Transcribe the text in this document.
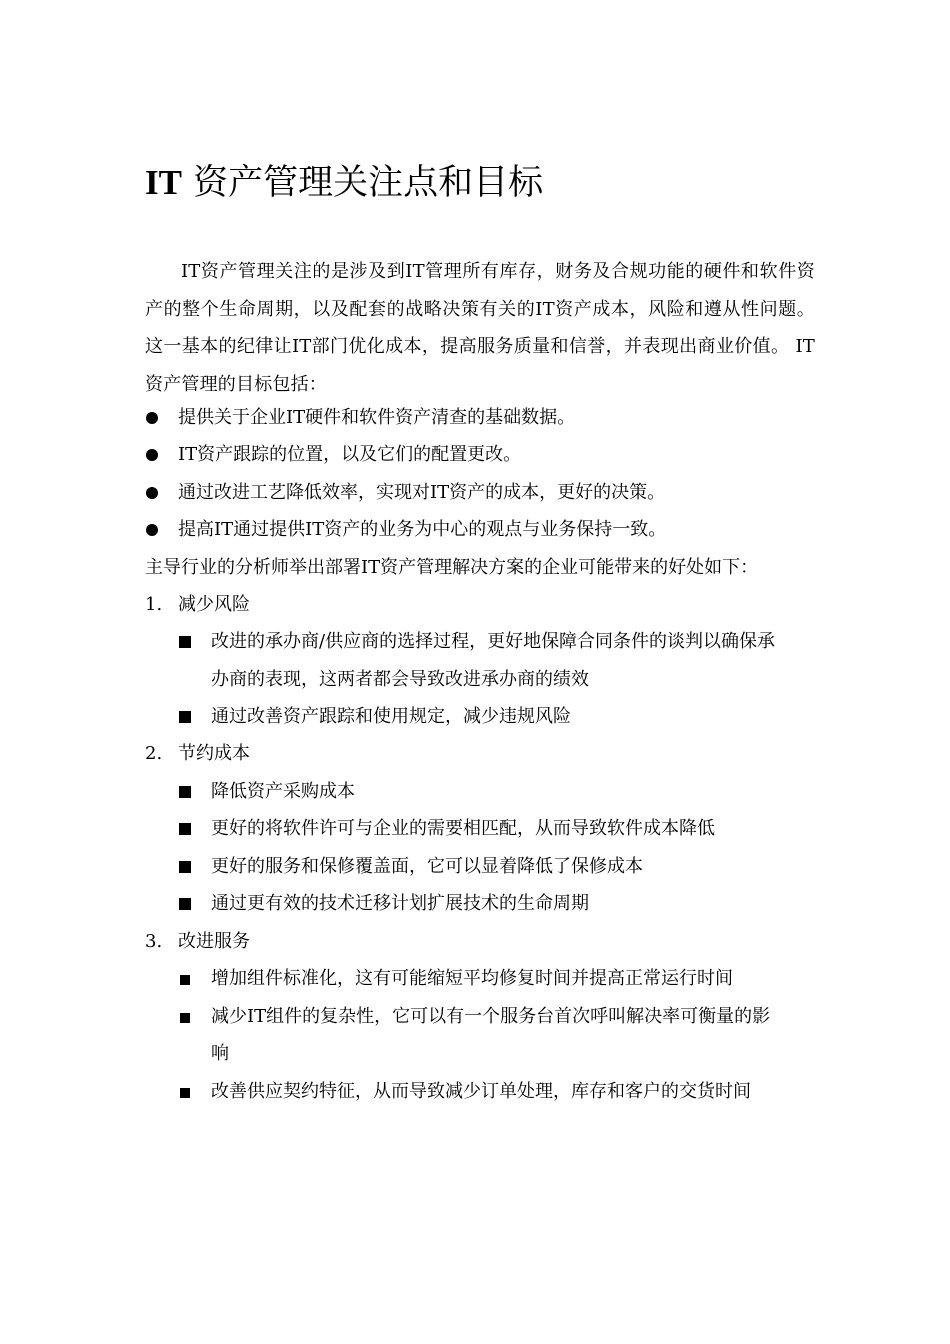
IT 资产管理关注点和目标

IT资产管理关注的是涉及到IT管理所有库存，财务及合规功能的硬件和软件资产的整个生命周期，以及配套的战略决策有关的IT资产成本，风险和遵从性问题。这一基本的纪律让IT部门优化成本，提高服务质量和信誉，并表现出商业价值。 IT资产管理的目标包括：

提供关于企业IT硬件和软件资产清查的基础数据。
IT资产跟踪的位置，以及它们的配置更改。
通过改进工艺降低效率，实现对IT资产的成本，更好的决策。
提高IT通过提供IT资产的业务为中心的观点与业务保持一致。
主导行业的分析师举出部署IT资产管理解决方案的企业可能带来的好处如下：
1. 减少风险
改进的承办商/供应商的选择过程，更好地保障合同条件的谈判以确保承
办商的表现，这两者都会导致改进承办商的绩效
通过改善资产跟踪和使用规定，减少违规风险
2. 节约成本
降低资产采购成本
更好的将软件许可与企业的需要相匹配，从而导致软件成本降低
更好的服务和保修覆盖面，它可以显着降低了保修成本
通过更有效的技术迁移计划扩展技术的生命周期
3. 改进服务
增加组件标准化，这有可能缩短平均修复时间并提高正常运行时间
减少IT组件的复杂性，它可以有一个服务台首次呼叫解决率可衡量的影
响
改善供应契约特征，从而导致减少订单处理，库存和客户的交货时间
